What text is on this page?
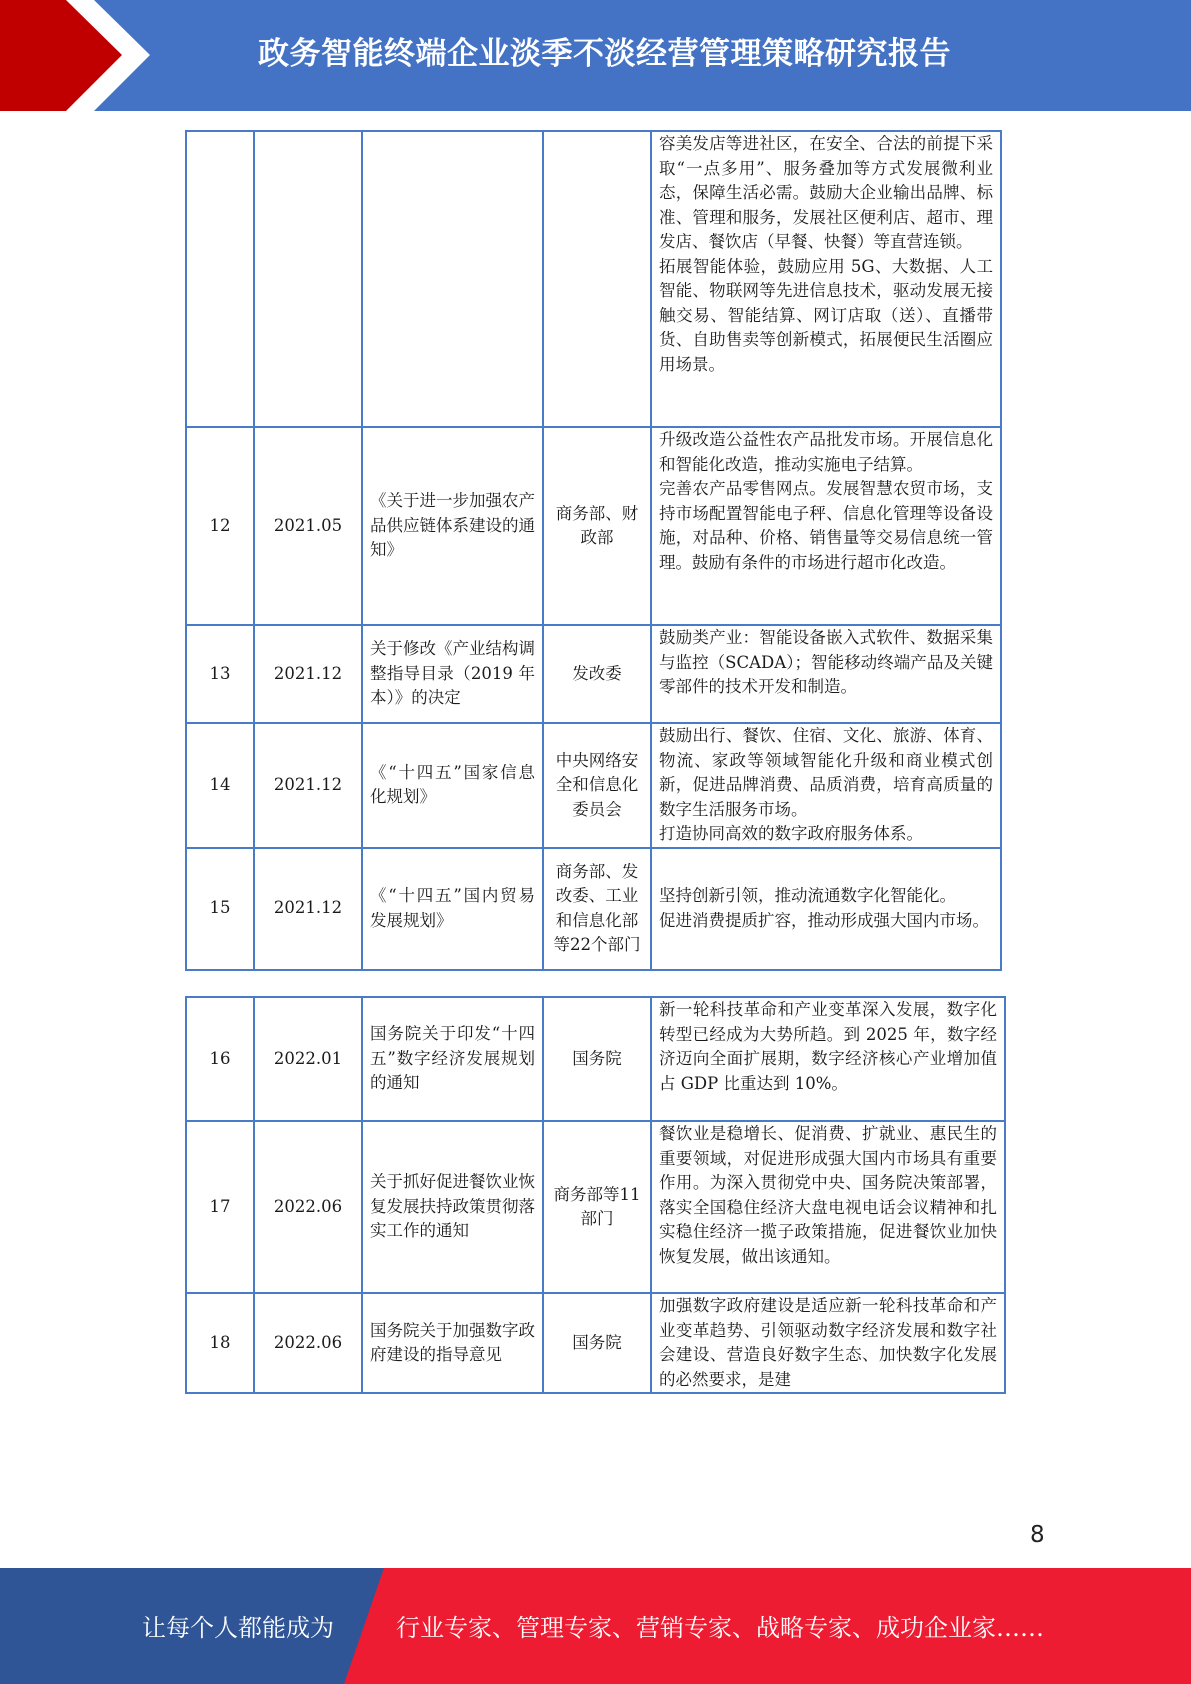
政务智能终端企业淡季不淡经营管理策略研究报告

				容美发店等进社区，在安全、合法的前提下采取“一点多用”、服务叠加等方式发展微利业态，保障生活必需。鼓励大企业输出品牌、标准、管理和服务，发展社区便利店、超市、理发店、餐饮店（早餐、快餐）等直营连锁。
拓展智能体验，鼓励应用 5G、大数据、人工智能、物联网等先进信息技术，驱动发展无接触交易、智能结算、网订店取（送）、直播带货、自助售卖等创新模式，拓展便民生活圈应用场景。

12	2021.05	《关于进一步加强农产品供应链体系建设的通知》	商务部、财政部	升级改造公益性农产品批发市场。开展信息化和智能化改造，推动实施电子结算。
完善农产品零售网点。发展智慧农贸市场，支持市场配置智能电子秤、信息化管理等设备设施，对品种、价格、销售量等交易信息统一管理。鼓励有条件的市场进行超市化改造。

13	2021.12	关于修改《产业结构调整指导目录（2019 年本）》的决定	发改委	鼓励类产业：智能设备嵌入式软件、数据采集与监控（SCADA）；智能移动终端产品及关键零部件的技术开发和制造。

14	2021.12	《“十四五”国家信息化规划》	中央网络安全和信息化委员会	鼓励出行、餐饮、住宿、文化、旅游、体育、物流、家政等领域智能化升级和商业模式创新，促进品牌消费、品质消费，培育高质量的数字生活服务市场。
打造协同高效的数字政府服务体系。

15	2021.12	《“十四五”国内贸易发展规划》	商务部、发改委、工业和信息化部等22个部门	坚持创新引领，推动流通数字化智能化。
促进消费提质扩容，推动形成强大国内市场。
16	2022.01	国务院关于印发“十四五”数字经济发展规划的通知	国务院	新一轮科技革命和产业变革深入发展，数字化转型已经成为大势所趋。到 2025 年，数字经济迈向全面扩展期，数字经济核心产业增加值占 GDP 比重达到 10%。

17	2022.06	关于抓好促进餐饮业恢复发展扶持政策贯彻落实工作的通知	商务部等11部门	餐饮业是稳增长、促消费、扩就业、惠民生的重要领域，对促进形成强大国内市场具有重要作用。为深入贯彻党中央、国务院决策部署，落实全国稳住经济大盘电视电话会议精神和扎实稳住经济一揽子政策措施，促进餐饮业加快恢复发展，做出该通知。

18	2022.06	国务院关于加强数字政府建设的指导意见	国务院	加强数字政府建设是适应新一轮科技革命和产业变革趋势、引领驱动数字经济发展和数字社会建设、营造良好数字生态、加快数字化发展的必然要求，是建
8
让每个人都能成为	行业专家、管理专家、营销专家、战略专家、成功企业家……
